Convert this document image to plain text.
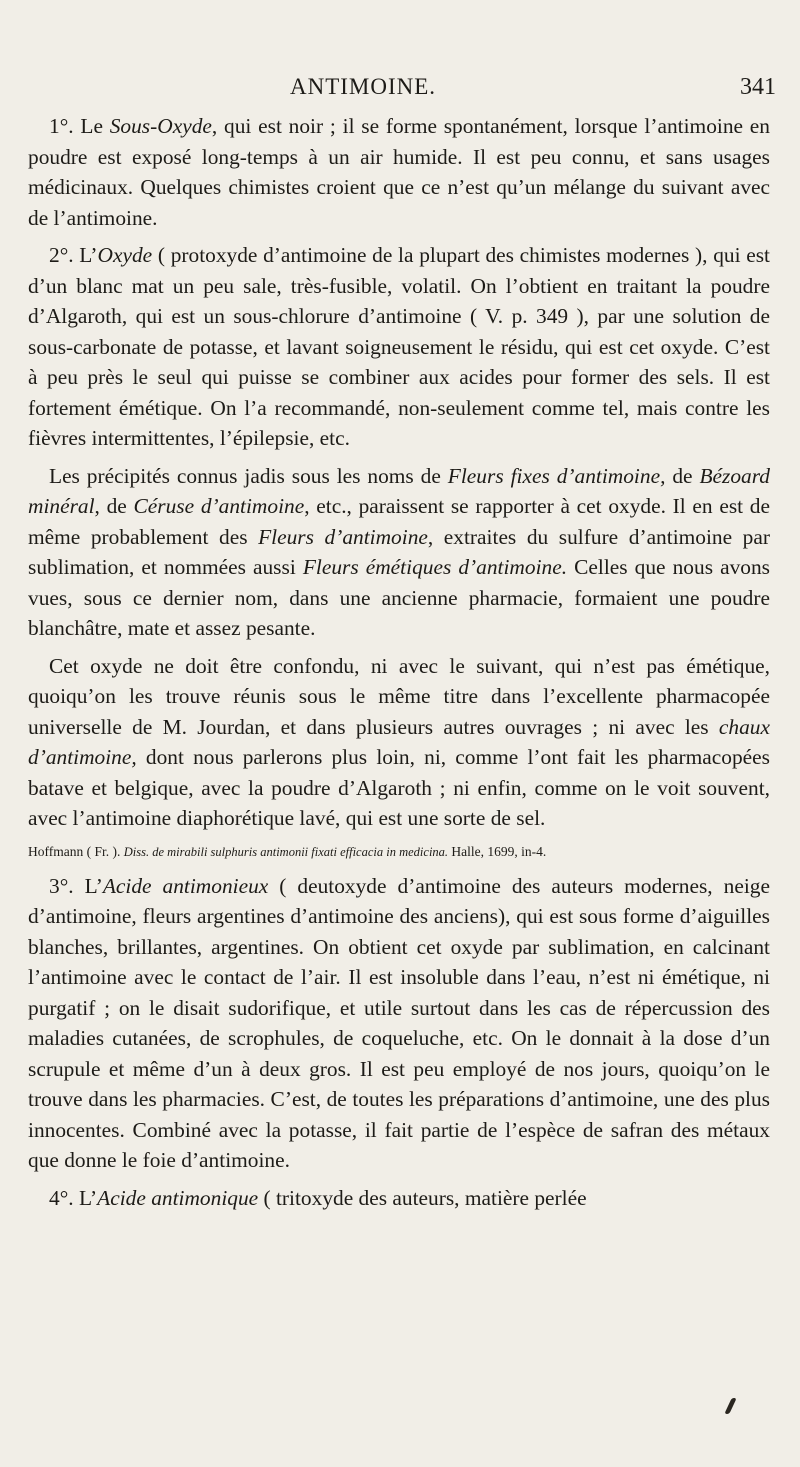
ANTIMOINE.	341

1°. Le Sous-Oxyde, qui est noir ; il se forme spontanément, lorsque l’antimoine en poudre est exposé long-temps à un air humide. Il est peu connu, et sans usages médicinaux. Quelques chimistes croient que ce n’est qu’un mélange du suivant avec de l’antimoine.

2°. L’Oxyde ( protoxyde d’antimoine de la plupart des chimistes modernes ), qui est d’un blanc mat un peu sale, très-fusible, volatil. On l’obtient en traitant la poudre d’Algaroth, qui est un sous-chlorure d’antimoine ( V. p. 349 ), par une solution de sous-carbonate de potasse, et lavant soigneusement le résidu, qui est cet oxyde. C’est à peu près le seul qui puisse se combiner aux acides pour former des sels. Il est fortement émétique. On l’a recommandé, non-seulement comme tel, mais contre les fièvres intermittentes, l’épilepsie, etc.

Les précipités connus jadis sous les noms de Fleurs fixes d’antimoine, de Bézoard minéral, de Céruse d’antimoine, etc., paraissent se rapporter à cet oxyde. Il en est de même probablement des Fleurs d’antimoine, extraites du sulfure d’antimoine par sublimation, et nommées aussi Fleurs émétiques d’antimoine. Celles que nous avons vues, sous ce dernier nom, dans une ancienne pharmacie, formaient une poudre blanchâtre, mate et assez pesante.

Cet oxyde ne doit être confondu, ni avec le suivant, qui n’est pas émétique, quoiqu’on les trouve réunis sous le même titre dans l’excellente pharmacopée universelle de M. Jourdan, et dans plusieurs autres ouvrages ; ni avec les chaux d’antimoine, dont nous parlerons plus loin, ni, comme l’ont fait les pharmacopées batave et belgique, avec la poudre d’Algaroth ; ni enfin, comme on le voit souvent, avec l’antimoine diaphorétique lavé, qui est une sorte de sel.

Hoffmann ( Fr. ). Diss. de mirabili sulphuris antimonii fixati efficacia in medicina. Halle, 1699, in-4.

3°. L’Acide antimonieux ( deutoxyde d’antimoine des auteurs modernes, neige d’antimoine, fleurs argentines d’antimoine des anciens), qui est sous forme d’aiguilles blanches, brillantes, argentines. On obtient cet oxyde par sublimation, en calcinant l’antimoine avec le contact de l’air. Il est insoluble dans l’eau, n’est ni émétique, ni purgatif ; on le disait sudorifique, et utile surtout dans les cas de répercussion des maladies cutanées, de scrophules, de coqueluche, etc. On le donnait à la dose d’un scrupule et même d’un à deux gros. Il est peu employé de nos jours, quoiqu’on le trouve dans les pharmacies. C’est, de toutes les préparations d’antimoine, une des plus innocentes. Combiné avec la potasse, il fait partie de l’espèce de safran des métaux que donne le foie d’antimoine.

4°. L’Acide antimonique ( tritoxyde des auteurs, matière perlée
